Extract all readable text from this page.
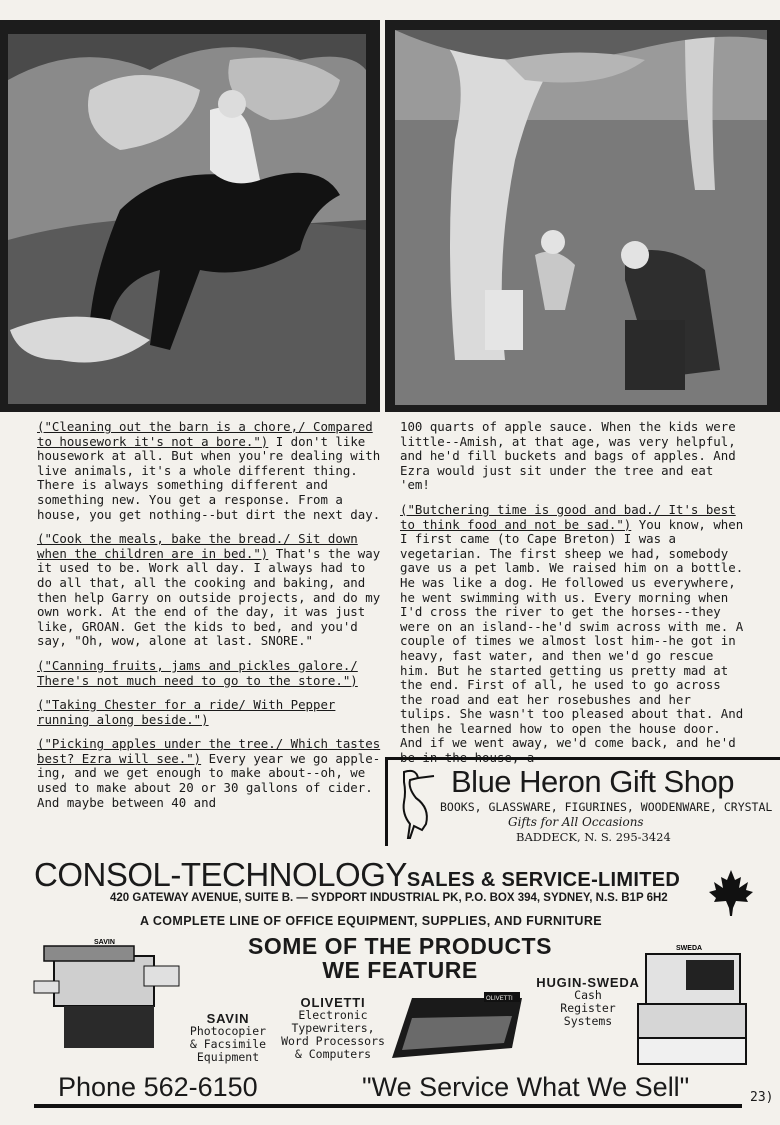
("Cleaning out the barn is a chore,/ Compared to housework it's not a bore.") I don't like housework at all. But when you're dealing with live animals, it's a whole different thing. There is always something different and something new. You get a response. From a house, you get nothing--but dirt the next day.

("Cook the meals, bake the bread./ Sit down when the children are in bed.") That's the way it used to be. Work all day. I always had to do all that, all the cooking and baking, and then help Garry on outside projects, and do my own work. At the end of the day, it was just like, GROAN. Get the kids to bed, and you'd say, "Oh, wow, alone at last. SNORE."

("Canning fruits, jams and pickles galore./ There's not much need to go to the store.")

("Taking Chester for a ride/ With Pepper running along beside.")

("Picking apples under the tree./ Which tastes best? Ezra will see.") Every year we go apple-ing, and we get enough to make about--oh, we used to make about 20 or 30 gallons of cider. And maybe between 40 and

100 quarts of apple sauce. When the kids were little--Amish, at that age, was very helpful, and he'd fill buckets and bags of apples. And Ezra would just sit under the tree and eat 'em!

("Butchering time is good and bad./ It's best to think food and not be sad.") You know, when I first came (to Cape Breton) I was a vegetarian. The first sheep we had, somebody gave us a pet lamb. We raised him on a bottle. He was like a dog. He followed us everywhere, he went swimming with us. Every morning when I'd cross the river to get the horses--they were on an island--he'd swim across with me. A couple of times we almost lost him--he got in heavy, fast water, and then we'd go rescue him. But he started getting us pretty mad at the end. First of all, he used to go across the road and eat her rosebushes and her tulips. She wasn't too pleased about that. And then he learned how to open the house door. And if we went away, we'd come back, and he'd be in the house, a-

Blue Heron Gift Shop
BOOKS, GLASSWARE, FIGURINES, WOODENWARE, CRYSTAL
Gifts for All Occasions
BADDECK, N. S. 295-3424
CONSOL-TECHNOLOGYSALES & SERVICE-LIMITED
420 GATEWAY AVENUE, SUITE B. — SYDPORT INDUSTRIAL PK, P.O. BOX 394, SYDNEY, N.S. B1P 6H2
A COMPLETE LINE OF OFFICE EQUIPMENT, SUPPLIES, AND FURNITURE
SOME OF THE PRODUCTS
WE FEATURE
SAVIN
SAVIN
Photocopier
& Facsimile
Equipment
OLIVETTI
Electronic
Typewriters,
Word Processors
& Computers
OLIVETTI
HUGIN-SWEDA
Cash
Register
Systems
SWEDA
Phone 562-6150	"We Service What We Sell"	23)
